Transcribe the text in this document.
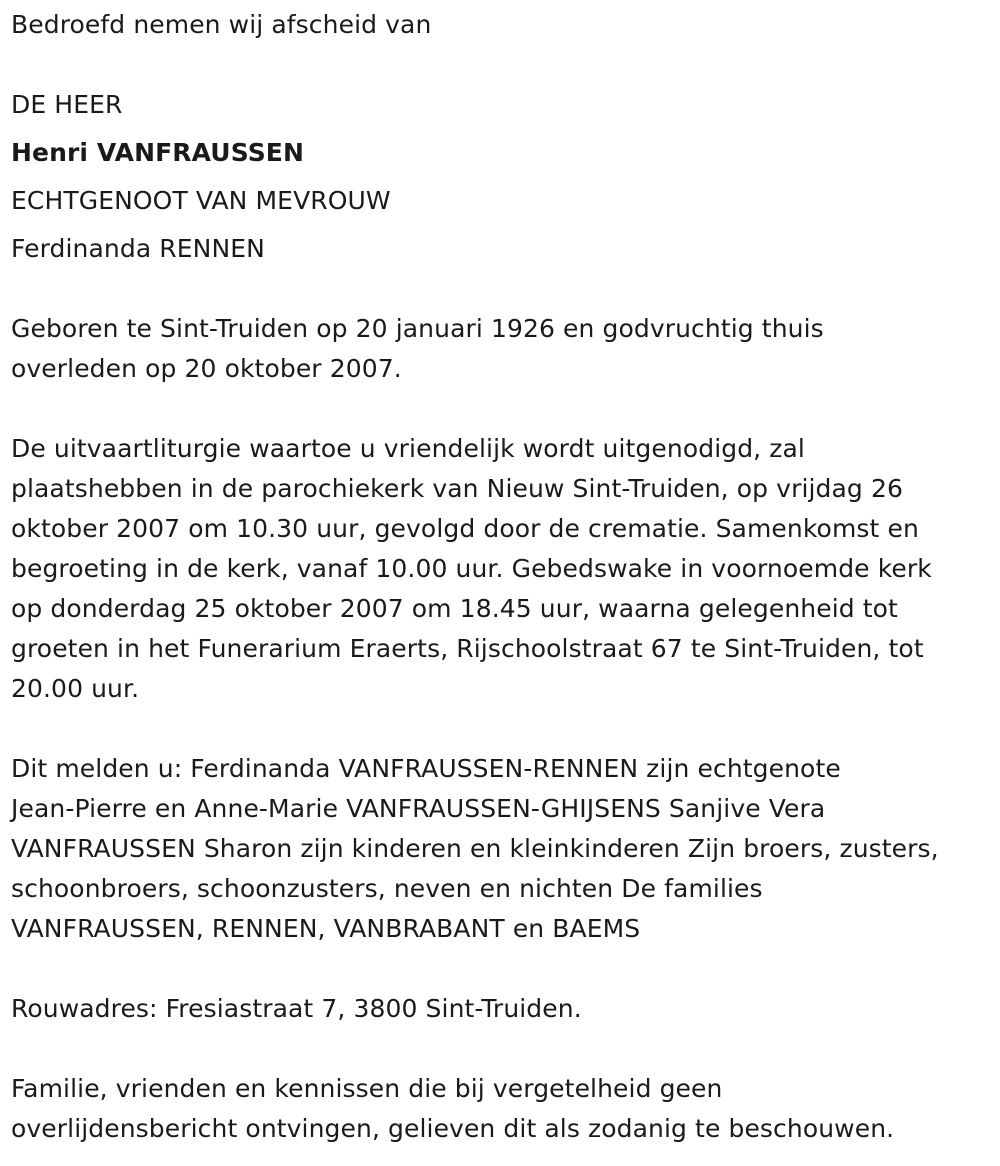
Bedroefd nemen wij afscheid van
DE HEER
Henri VANFRAUSSEN
ECHTGENOOT VAN MEVROUW
Ferdinanda RENNEN
Geboren te Sint-Truiden op 20 januari 1926 en godvruchtig thuis
overleden op 20 oktober 2007.
De uitvaartliturgie waartoe u vriendelijk wordt uitgenodigd, zal
plaatshebben in de parochiekerk van Nieuw Sint-Truiden, op vrijdag 26
oktober 2007 om 10.30 uur, gevolgd door de crematie. Samenkomst en
begroeting in de kerk, vanaf 10.00 uur. Gebedswake in voornoemde kerk
op donderdag 25 oktober 2007 om 18.45 uur, waarna gelegenheid tot
groeten in het Funerarium Eraerts, Rijschoolstraat 67 te Sint-Truiden, tot
20.00 uur.
Dit melden u: Ferdinanda VANFRAUSSEN-RENNEN zijn echtgenote
Jean-Pierre en Anne-Marie VANFRAUSSEN-GHIJSENS Sanjive Vera
VANFRAUSSEN Sharon zijn kinderen en kleinkinderen Zijn broers, zusters,
schoonbroers, schoonzusters, neven en nichten De families
VANFRAUSSEN, RENNEN, VANBRABANT en BAEMS
Rouwadres: Fresiastraat 7, 3800 Sint-Truiden.
Familie, vrienden en kennissen die bij vergetelheid geen
overlijdensbericht ontvingen, gelieven dit als zodanig te beschouwen.
